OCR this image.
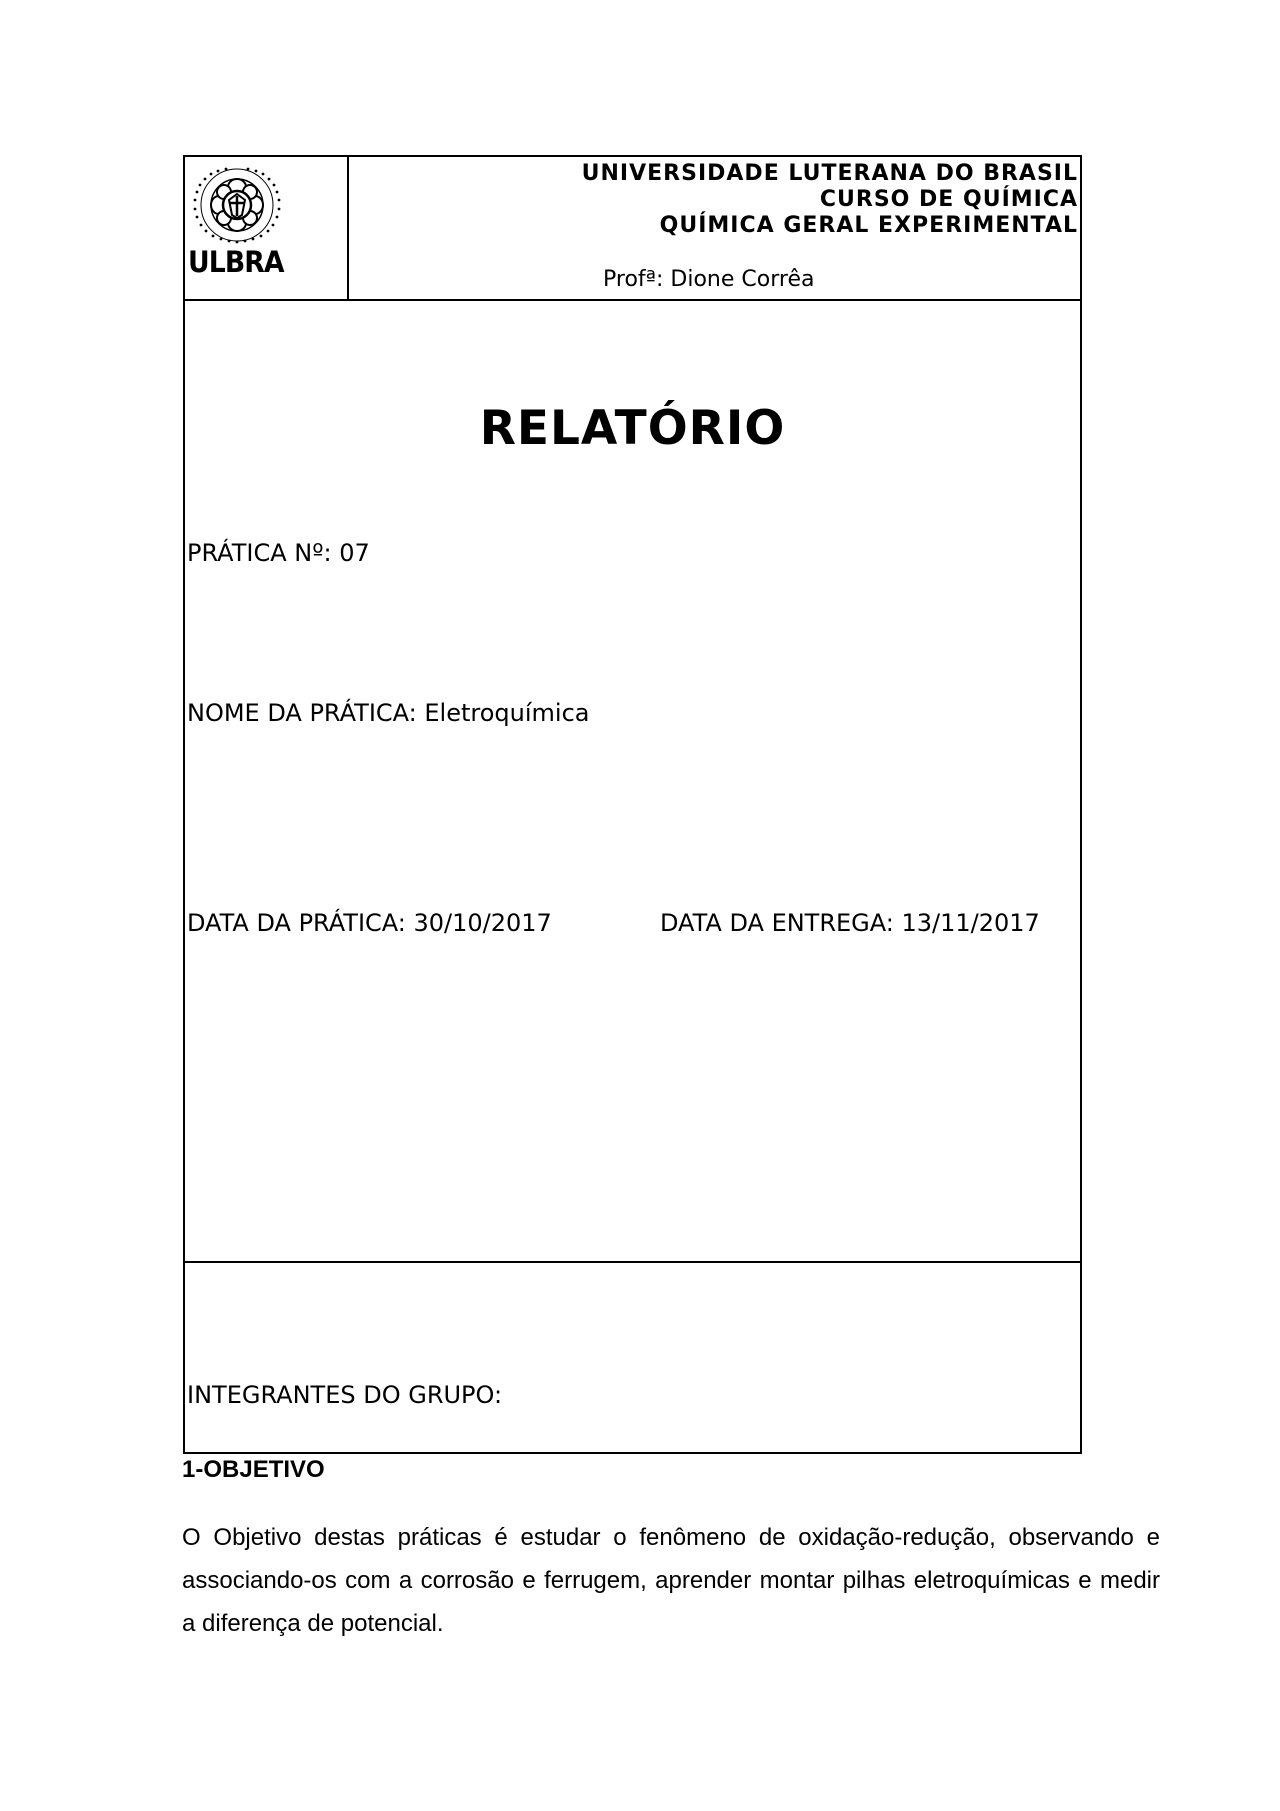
ULBRA
UNIVERSIDADE LUTERANA DO BRASIL
CURSO DE QUÍMICA
QUÍMICA GERAL EXPERIMENTAL
Profª: Dione Corrêa
RELATÓRIO
PRÁTICA Nº: 07
NOME DA PRÁTICA: Eletroquímica
DATA DA PRÁTICA: 30/10/2017	DATA DA ENTREGA: 13/11/2017
INTEGRANTES DO GRUPO:
1-OBJETIVO
O Objetivo destas práticas é estudar o fenômeno de oxidação-redução, observando e associando-os com a corrosão e ferrugem, aprender montar pilhas eletroquímicas e medir a diferença de potencial.
